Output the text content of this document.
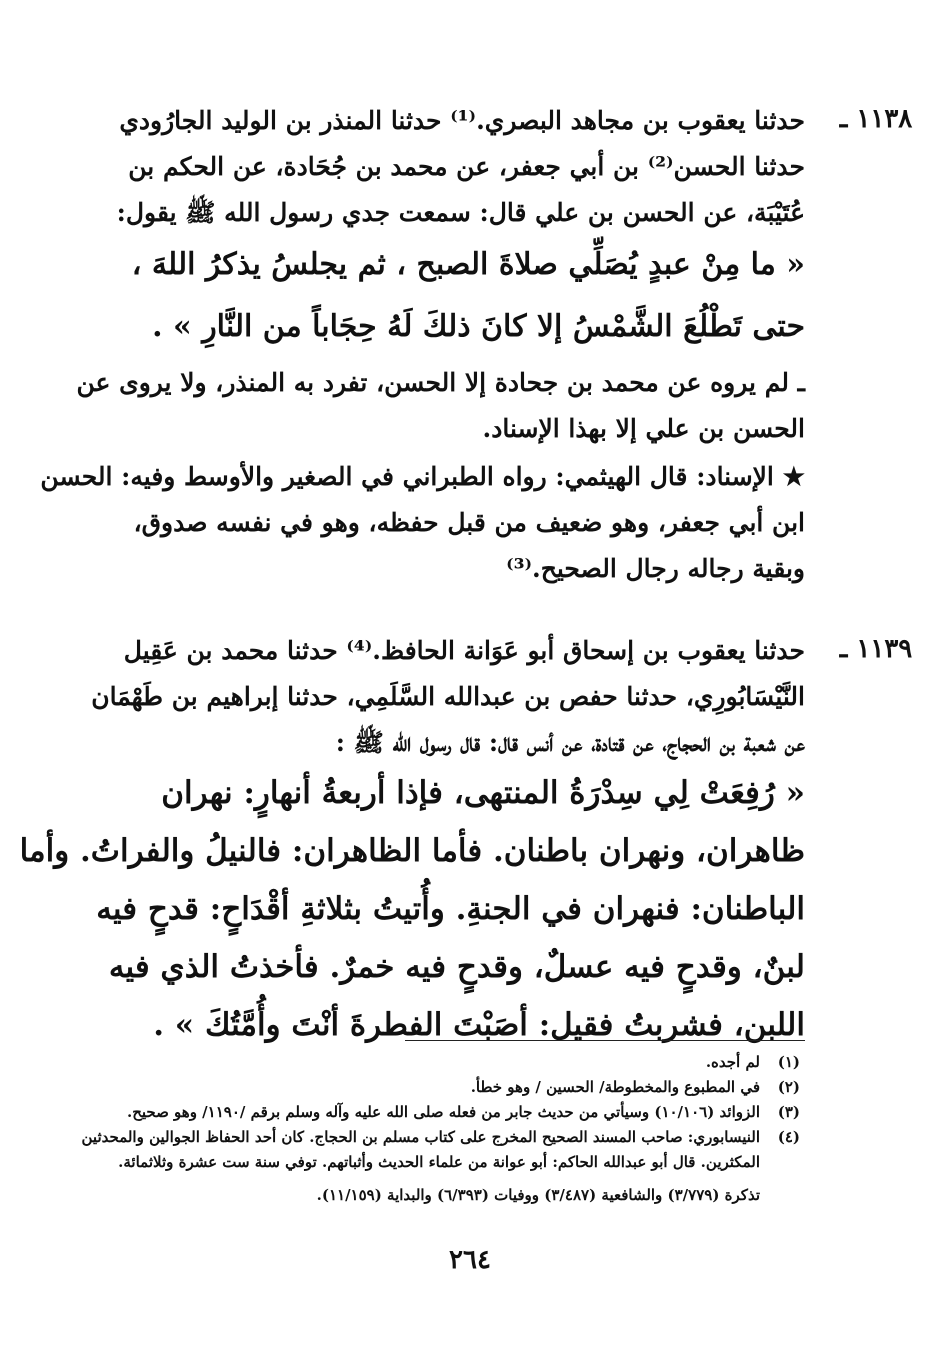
١١٣٨ ـ
حدثنا يعقوب بن مجاهد البصري.⁽¹⁾ حدثنا المنذر بن الوليد الجارُودي
حدثنا الحسن⁽²⁾ بن أبي جعفر، عن محمد بن جُحَادة، عن الحكم بن
عُتَيْبَة، عن الحسن بن علي قال: سمعت جدي رسول الله ﷺ يقول:
« ما مِنْ عبدٍ يُصَلِّي صلاةَ الصبح ، ثم يجلسُ يذكرُ اللهَ ،
حتى تَطْلُعَ الشَّمْسُ إلا كانَ ذلكَ لَهُ حِجَاباً من النَّارِ » .
ـ لم يروه عن محمد بن جحادة إلا الحسن، تفرد به المنذر، ولا يروى عن
الحسن بن علي إلا بهذا الإسناد.
★ الإسناد: قال الهيثمي: رواه الطبراني في الصغير والأوسط وفيه: الحسن
ابن أبي جعفر، وهو ضعيف من قبل حفظه، وهو في نفسه صدوق،
وبقية رجاله رجال الصحيح.⁽³⁾
١١٣٩ ـ
حدثنا يعقوب بن إسحاق أبو عَوَانة الحافظ.⁽⁴⁾ حدثنا محمد بن عَقِيل
النَّيْسَابُورِي، حدثنا حفص بن عبدالله السَّلَمِي، حدثنا إبراهيم بن طَهْمَان
عن شعبة بن الحجاج، عن قتادة، عن أنس قال: قال رسول الله ﷺ :
« رُفِعَتْ لِي سِدْرَةُ المنتهى، فإذا أربعةُ أنهارٍ: نهران
ظاهران، ونهران باطنان. فأما الظاهران: فالنيلُ والفراتُ. وأما
الباطنان: فنهران في الجنةِ. وأُتيتُ بثلاثةِ أقْدَاحٍ: قدحٍ فيه
لبنٌ، وقدحٍ فيه عسلٌ، وقدحٍ فيه خمرٌ. فأخذتُ الذي فيه
اللبن، فشربتُ فقيل: أصَبْتَ الفطرةَ أنْتَ وأُمَّتُكَ » .
(١)
لم أجده.
(٢)
في المطبوع والمخطوطة/ الحسين / وهو خطأ.
(٣)
الزوائد (١٠/١٠٦) وسيأتي من حديث جابر من فعله صلى الله عليه وآله وسلم برقم /١١٩٠/ وهو صحيح.
(٤)
النيسابوري: صاحب المسند الصحيح المخرج على كتاب مسلم بن الحجاج. كان أحد الحفاظ الجوالين والمحدثين
المكثرين. قال أبو عبدالله الحاكم: أبو عوانة من علماء الحديث وأثباتهم. توفي سنة ست عشرة وثلاثمائة.
تذكرة (٣/٧٧٩) والشافعية (٣/٤٨٧) ووفيات (٦/٣٩٣) والبداية (١١/١٥٩).
٢٦٤
